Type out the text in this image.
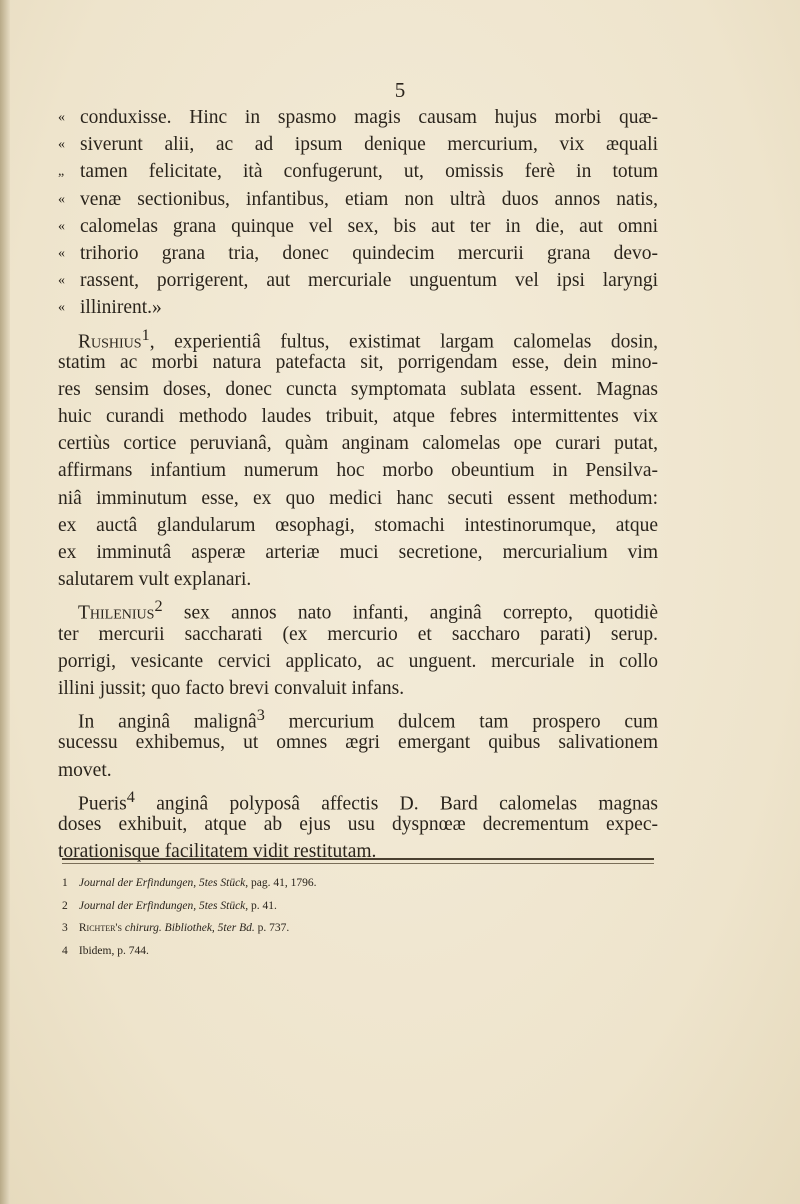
5
« conduxisse. Hinc in spasmo magis causam hujus morbi quæ-
« siverunt alii, ac ad ipsum denique mercurium, vix æquali
„ tamen felicitate, ità confugerunt, ut, omissis ferè in totum
« venæ sectionibus, infantibus, etiam non ultrà duos annos natis,
« calomelas grana quinque vel sex, bis aut ter in die, aut omni
« trihorio grana tria, donec quindecim mercurii grana devo-
« rassent, porrigerent, aut mercuriale unguentum vel ipsi laryngi
« illinirent.»
Rushius$^1$, experientiâ fultus, existimat largam calomelas dosin,
statim ac morbi natura patefacta sit, porrigendam esse, dein mino-
res sensim doses, donec cuncta symptomata sublata essent. Magnas
huic curandi methodo laudes tribuit, atque febres intermittentes vix
certiùs cortice peruvianâ, quàm anginam calomelas ope curari putat,
affirmans infantium numerum hoc morbo obeuntium in Pensilva-
niâ imminutum esse, ex quo medici hanc secuti essent methodum:
ex auctâ glandularum œsophagi, stomachi intestinorumque, atque
ex imminutâ asperæ arteriæ muci secretione, mercurialium vim
salutarem vult explanari.
Thilenius$^2$ sex annos nato infanti, anginâ correpto, quotidiè
ter mercurii saccharati (ex mercurio et saccharo parati) serup.
porrigi, vesicante cervici applicato, ac unguent. mercuriale in collo
illini jussit; quo facto brevi convaluit infans.
In anginâ malignâ$^3$ mercurium dulcem tam prospero cum
sucessu exhibemus, ut omnes ægri emergant quibus salivationem
movet.
Pueris$^4$ anginâ polyposâ affectis D. Bard calomelas magnas
doses exhibuit, atque ab ejus usu dyspnœæ decrementum expec-
torationisque facilitatem vidit restitutam.
1 Journal der Erfindungen, 5tes Stück, pag. 41, 1796.
2 Journal der Erfindungen, 5tes Stück, p. 41.
3 Richter's chirurg. Bibliothek, 5ter Bd. p. 737.
4 Ibidem, p. 744.
